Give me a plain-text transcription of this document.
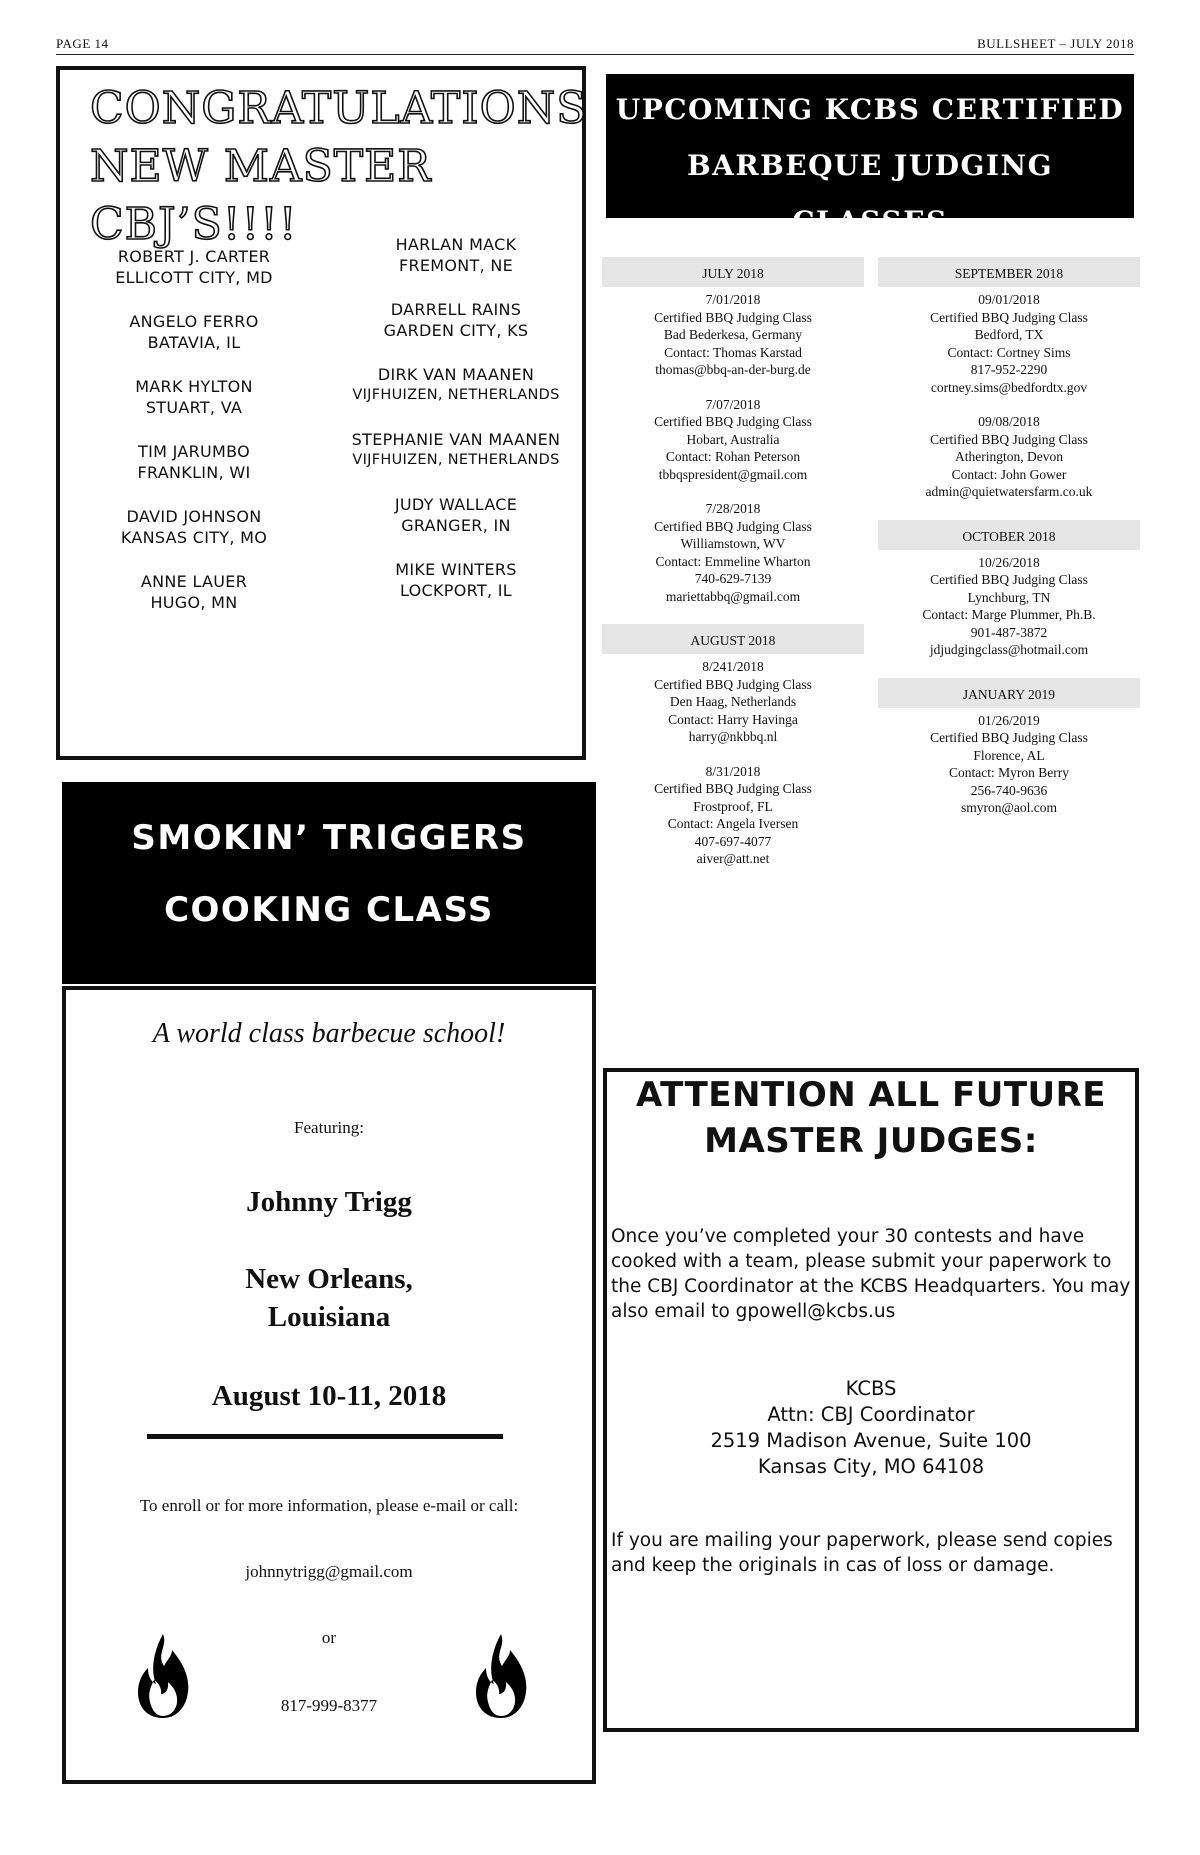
PAGE 14	BULLSHEET – JULY 2018
CONGRATULATIONS
NEW MASTER CBJ’S!!!!
ROBERT J. CARTER
ELLICOTT CITY, MD
ANGELO FERRO
BATAVIA, IL
MARK HYLTON
STUART, VA
TIM JARUMBO
FRANKLIN, WI
DAVID JOHNSON
KANSAS CITY, MO
ANNE LAUER
HUGO, MN
HARLAN MACK
FREMONT, NE
DARRELL RAINS
GARDEN CITY, KS
DIRK VAN MAANEN
VIJFHUIZEN, NETHERLANDS
STEPHANIE VAN MAANEN
VIJFHUIZEN, NETHERLANDS
JUDY WALLACE
GRANGER, IN
MIKE WINTERS
LOCKPORT, IL
UPCOMING KCBS CERTIFIED
BARBEQUE JUDGING CLASSES
JULY 2018
7/01/2018
Certified BBQ Judging Class
Bad Bederkesa, Germany
Contact: Thomas Karstad
thomas@bbq-an-der-burg.de
7/07/2018
Certified BBQ Judging Class
Hobart, Australia
Contact: Rohan Peterson
tbbqspresident@gmail.com
7/28/2018
Certified BBQ Judging Class
Williamstown, WV
Contact: Emmeline Wharton
740-629-7139
mariettabbq@gmail.com
AUGUST 2018
8/241/2018
Certified BBQ Judging Class
Den Haag, Netherlands
Contact: Harry Havinga
harry@nkbbq.nl
8/31/2018
Certified BBQ Judging Class
Frostproof, FL
Contact: Angela Iversen
407-697-4077
aiver@att.net
SEPTEMBER 2018
09/01/2018
Certified BBQ Judging Class
Bedford, TX
Contact: Cortney Sims
817-952-2290
cortney.sims@bedfordtx.gov
09/08/2018
Certified BBQ Judging Class
Atherington, Devon
Contact: John Gower
admin@quietwatersfarm.co.uk
OCTOBER 2018
10/26/2018
Certified BBQ Judging Class
Lynchburg, TN
Contact: Marge Plummer, Ph.B.
901-487-3872
jdjudgingclass@hotmail.com
JANUARY 2019
01/26/2019
Certified BBQ Judging Class
Florence, AL
Contact: Myron Berry
256-740-9636
smyron@aol.com
SMOKIN’ TRIGGERS
COOKING CLASS
A world class barbecue school!
Featuring:
Johnny Trigg
New Orleans,
Louisiana
August 10-11, 2018
To enroll or for more information, please e-mail or call:
johnnytrigg@gmail.com
or
817-999-8377
ATTENTION ALL FUTURE
MASTER JUDGES:
Once you’ve completed your 30 contests and have cooked with a team, please submit your paperwork to the CBJ Coordinator at the KCBS Headquarters. You may also email to gpowell@kcbs.us
KCBS
Attn: CBJ Coordinator
2519 Madison Avenue, Suite 100
Kansas City, MO 64108
If you are mailing your paperwork, please send copies and keep the originals in cas of loss or damage.
